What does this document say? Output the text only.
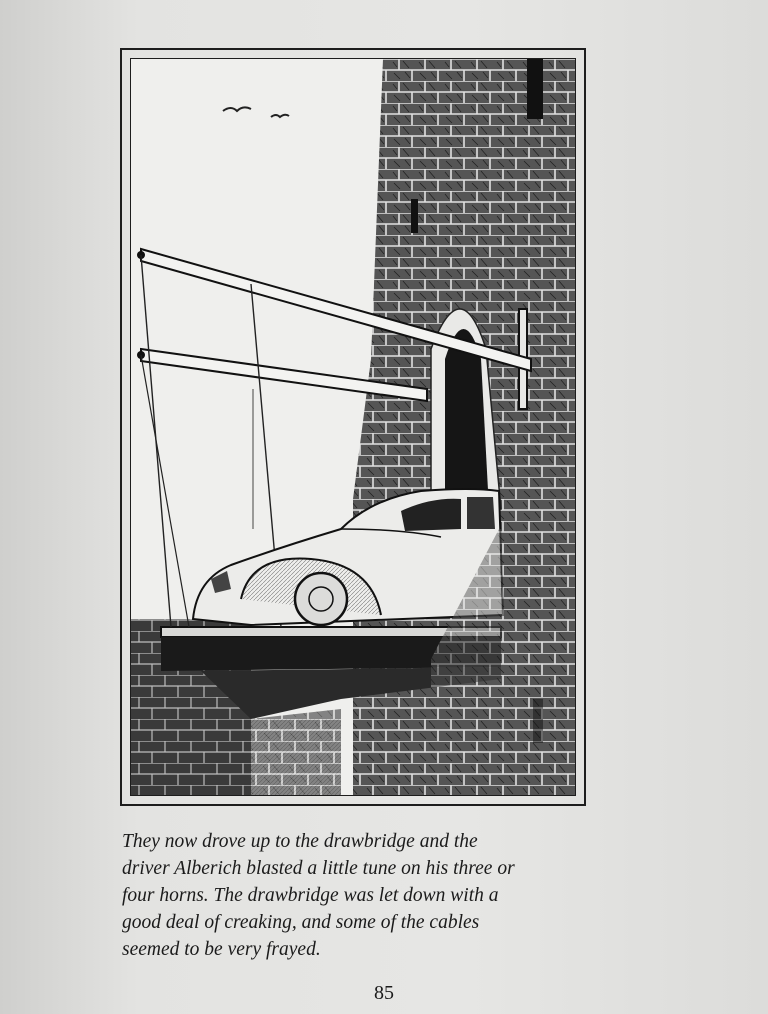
They now drove up to the drawbridge and the
driver Alberich blasted a little tune on his three or
four horns. The drawbridge was let down with a
good deal of creaking, and some of the cables
seemed to be very frayed.
85
